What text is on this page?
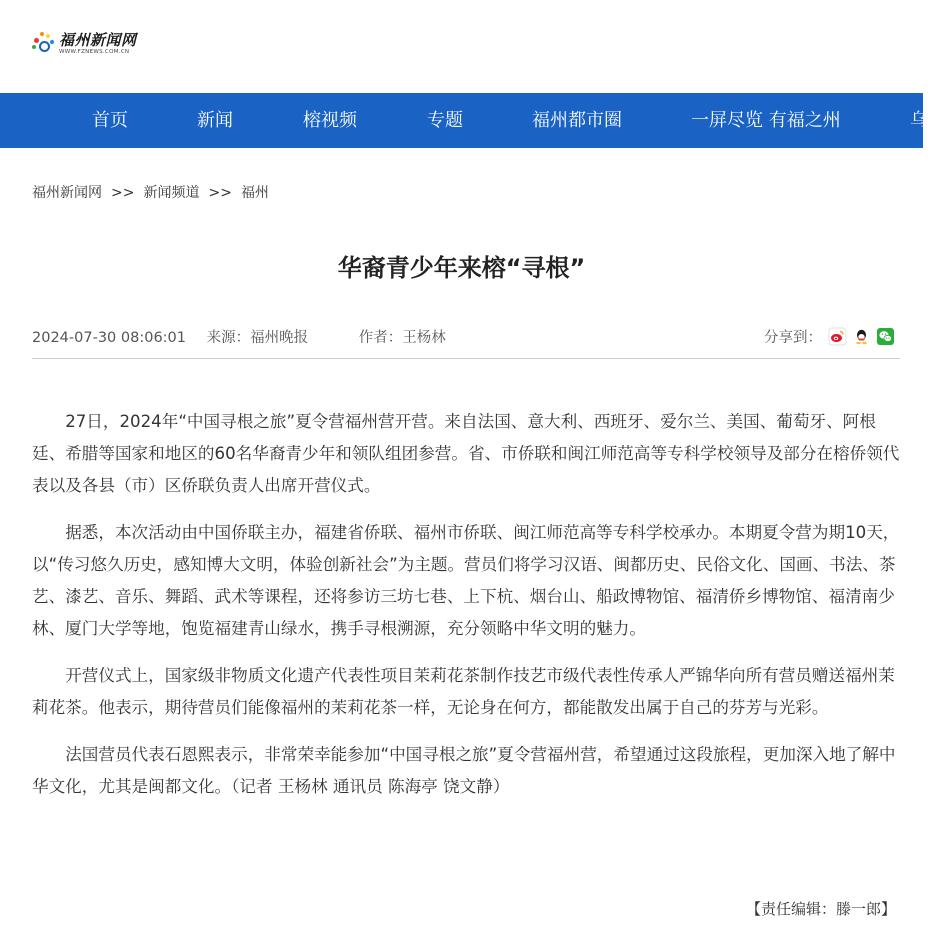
福州新闻网
WWW.FZNEWS.COM.CN
首页	新闻	榕视频	专题	福州都市圈	一屏尽览 有福之州	乌
福州新闻网 >> 新闻频道 >> 福州
华裔青少年来榕“寻根”
2024-07-30 08:06:01 来源：福州晚报	作者：王杨林	分享到：

27日，2024年“中国寻根之旅”夏令营福州营开营。来自法国、意大利、西班牙、爱尔兰、美国、葡萄牙、阿根廷、希腊等国家和地区的60名华裔青少年和领队组团参营。省、市侨联和闽江师范高等专科学校领导及部分在榕侨领代表以及各县（市）区侨联负责人出席开营仪式。

据悉，本次活动由中国侨联主办，福建省侨联、福州市侨联、闽江师范高等专科学校承办。本期夏令营为期10天，以“传习悠久历史，感知博大文明，体验创新社会”为主题。营员们将学习汉语、闽都历史、民俗文化、国画、书法、茶艺、漆艺、音乐、舞蹈、武术等课程，还将参访三坊七巷、上下杭、烟台山、船政博物馆、福清侨乡博物馆、福清南少林、厦门大学等地，饱览福建青山绿水，携手寻根溯源，充分领略中华文明的魅力。

开营仪式上，国家级非物质文化遗产代表性项目茉莉花茶制作技艺市级代表性传承人严锦华向所有营员赠送福州茉莉花茶。他表示，期待营员们能像福州的茉莉花茶一样，无论身在何方，都能散发出属于自己的芬芳与光彩。

法国营员代表石恩熙表示，非常荣幸能参加“中国寻根之旅”夏令营福州营，希望通过这段旅程，更加深入地了解中华文化，尤其是闽都文化。（记者 王杨林 通讯员 陈海亭 饶文静）

【责任编辑：滕一郎】
